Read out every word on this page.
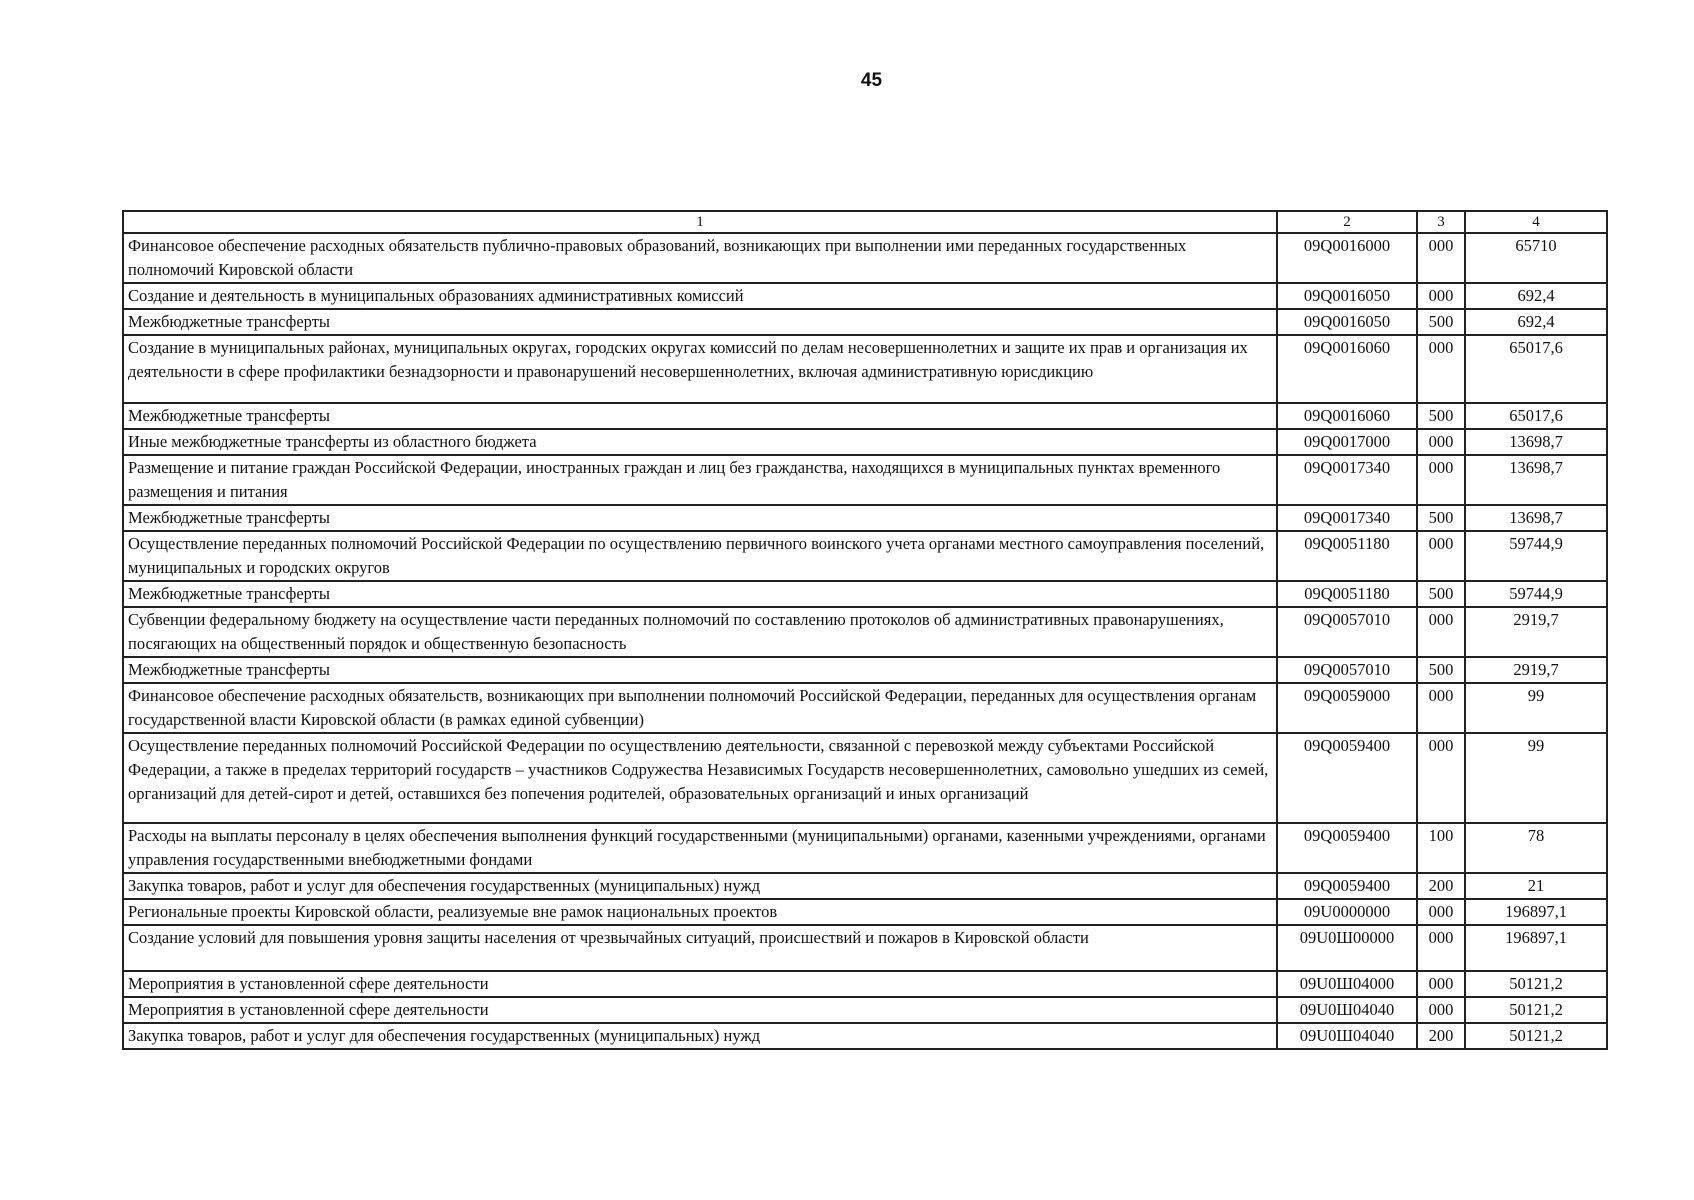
45
1	2	3	4
Финансовое обеспечение расходных обязательств публично-правовых образований, возникающих при выполнении ими переданных государственных полномочий Кировской области	09Q0016000	000	65710
Создание и деятельность в муниципальных образованиях административных комиссий	09Q0016050	000	692,4
Межбюджетные трансферты	09Q0016050	500	692,4
Создание в муниципальных районах, муниципальных округах, городских округах комиссий по делам несовершеннолетних и защите их прав и организация их деятельности в сфере профилактики безнадзорности и правонарушений несовершеннолетних, включая административную юрисдикцию	09Q0016060	000	65017,6
Межбюджетные трансферты	09Q0016060	500	65017,6
Иные межбюджетные трансферты из областного бюджета	09Q0017000	000	13698,7
Размещение и питание граждан Российской Федерации, иностранных граждан и лиц без гражданства, находящихся в муниципальных пунктах временного размещения и питания	09Q0017340	000	13698,7
Межбюджетные трансферты	09Q0017340	500	13698,7
Осуществление переданных полномочий Российской Федерации по осуществлению первичного воинского учета органами местного самоуправления поселений, муниципальных и городских округов	09Q0051180	000	59744,9
Межбюджетные трансферты	09Q0051180	500	59744,9
Субвенции федеральному бюджету на осуществление части переданных полномочий по составлению протоколов об административных правонарушениях, посягающих на общественный порядок и общественную безопасность	09Q0057010	000	2919,7
Межбюджетные трансферты	09Q0057010	500	2919,7
Финансовое обеспечение расходных обязательств, возникающих при выполнении полномочий Российской Федерации, переданных для осуществления органам государственной власти Кировской области (в рамках единой субвенции)	09Q0059000	000	99
Осуществление переданных полномочий Российской Федерации по осуществлению деятельности, связанной с перевозкой между субъектами Российской Федерации, а также в пределах территорий государств – участников Содружества Независимых Государств несовершеннолетних, самовольно ушедших из семей, организаций для детей-сирот и детей, оставшихся без попечения родителей, образовательных организаций и иных организаций	09Q0059400	000	99
Расходы на выплаты персоналу в целях обеспечения выполнения функций государственными (муниципальными) органами, казенными учреждениями, органами управления государственными внебюджетными фондами	09Q0059400	100	78
Закупка товаров, работ и услуг для обеспечения государственных (муниципальных) нужд	09Q0059400	200	21
Региональные проекты Кировской области, реализуемые вне рамок национальных проектов	09U0000000	000	196897,1
Создание условий для повышения уровня защиты населения от чрезвычайных ситуаций, происшествий и пожаров в Кировской области	09U0Ш00000	000	196897,1
Мероприятия в установленной сфере деятельности	09U0Ш04000	000	50121,2
Мероприятия в установленной сфере деятельности	09U0Ш04040	000	50121,2
Закупка товаров, работ и услуг для обеспечения государственных (муниципальных) нужд	09U0Ш04040	200	50121,2
